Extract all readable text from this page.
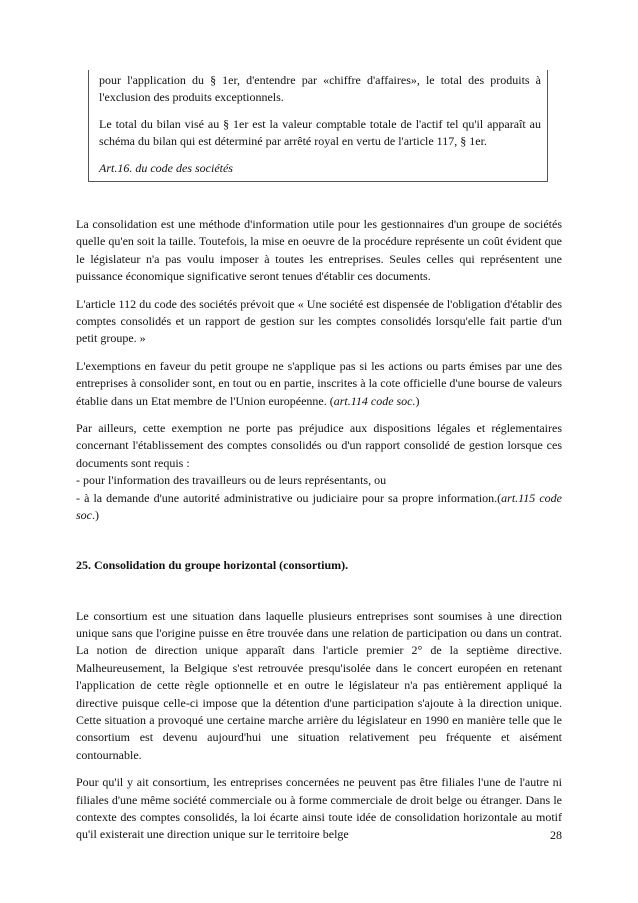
pour l'application du § 1er, d'entendre par «chiffre d'affaires», le total des produits à l'exclusion des produits exceptionnels.

Le total du bilan visé au § 1er est la valeur comptable totale de l'actif tel qu'il apparaît au schéma du bilan qui est déterminé par arrêté royal en vertu de l'article 117, § 1er.

Art.16. du code des sociétés

La consolidation est une méthode d'information utile pour les gestionnaires d'un groupe de sociétés quelle qu'en soit la taille. Toutefois, la mise en oeuvre de la procédure représente un coût évident que le législateur n'a pas voulu imposer à toutes les entreprises. Seules celles qui représentent une puissance économique significative seront tenues d'établir ces documents.

L'article 112 du code des sociétés prévoit que « Une société est dispensée de l'obligation d'établir des comptes consolidés et un rapport de gestion sur les comptes consolidés lorsqu'elle fait partie d'un petit groupe. »

L'exemptions en faveur du petit groupe ne s'applique pas si les actions ou parts émises par une des entreprises à consolider sont, en tout ou en partie, inscrites à la cote officielle d'une bourse de valeurs établie dans un Etat membre de l'Union européenne. (art.114 code soc.)

Par ailleurs, cette exemption ne porte pas préjudice aux dispositions légales et réglementaires concernant l'établissement des comptes consolidés ou d'un rapport consolidé de gestion lorsque ces documents sont requis :

- pour l'information des travailleurs ou de leurs représentants, ou

- à la demande d'une autorité administrative ou judiciaire pour sa propre information.(art.115 code soc.)

25. Consolidation du groupe horizontal (consortium).

Le consortium est une situation dans laquelle plusieurs entreprises sont soumises à une direction unique sans que l'origine puisse en être trouvée dans une relation de participation ou dans un contrat. La notion de direction unique apparaît dans l'article premier 2° de la septième directive. Malheureusement, la Belgique s'est retrouvée presqu'isolée dans le concert européen en retenant l'application de cette règle optionnelle et en outre le législateur n'a pas entièrement appliqué la directive puisque celle-ci impose que la détention d'une participation s'ajoute à la direction unique. Cette situation a provoqué une certaine marche arrière du législateur en 1990 en manière telle que le consortium est devenu aujourd'hui une situation relativement peu fréquente et aisément contournable.

Pour qu'il y ait consortium, les entreprises concernées ne peuvent pas être filiales l'une de l'autre ni filiales d'une même société commerciale ou à forme commerciale de droit belge ou étranger. Dans le contexte des comptes consolidés, la loi écarte ainsi toute idée de consolidation horizontale au motif qu'il existerait une direction unique sur le territoire belge	28
